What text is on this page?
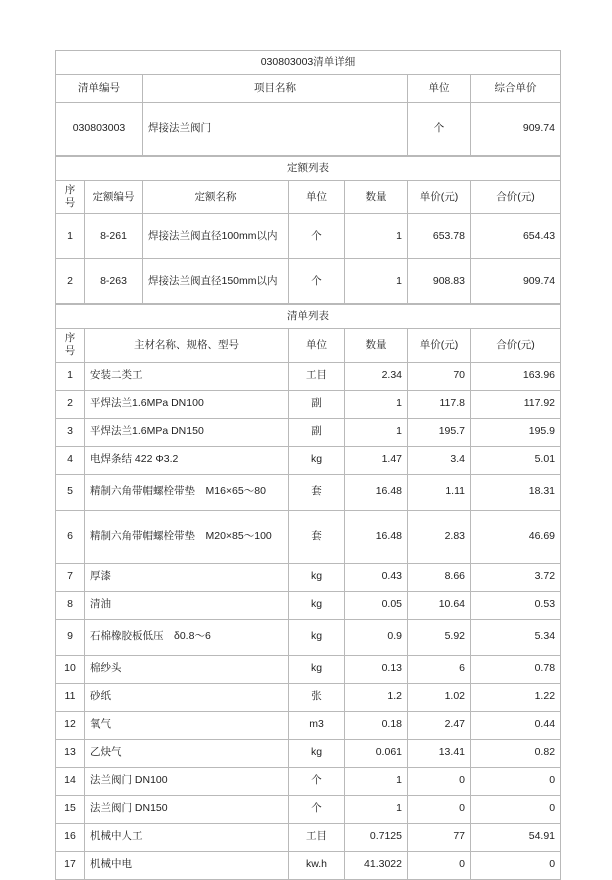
030803003清单详细			
清单编号	项目名称	单位	综合单价
030803003	焊接法兰阀门	个	909.74
定额列表						
序号	定额编号	定额名称	单位	数量	单价(元)	合价(元)
1	8-261	焊接法兰阀直径100mm以内	个	1	653.78	654.43
2	8-263	焊接法兰阀直径150mm以内	个	1	908.83	909.74
清单列表					
序号	主材名称、规格、型号	单位	数量	单价(元)	合价(元)
1	安装二类工	工目	2.34	70	163.96
2	平焊法兰1.6MPa DN100	副	1	117.8	117.92
3	平焊法兰1.6MPa DN150	副	1	195.7	195.9
4	电焊条结 422 Φ3.2	kg	1.47	3.4	5.01
5	精制六角带帽螺栓带垫　M16×65～80	套	16.48	1.11	18.31
6	精制六角带帽螺栓带垫　M20×85～100	套	16.48	2.83	46.69
7	厚漆	kg	0.43	8.66	3.72
8	清油	kg	0.05	10.64	0.53
9	石棉橡胶板低压　δ0.8～6	kg	0.9	5.92	5.34
10	棉纱头	kg	0.13	6	0.78
11	砂纸	张	1.2	1.02	1.22
12	氧气	m3	0.18	2.47	0.44
13	乙炔气	kg	0.061	13.41	0.82
14	法兰阀门 DN100	个	1	0	0
15	法兰阀门 DN150	个	1	0	0
16	机械中人工	工目	0.7125	77	54.91
17	机械中电	kw.h	41.3022	0	0
